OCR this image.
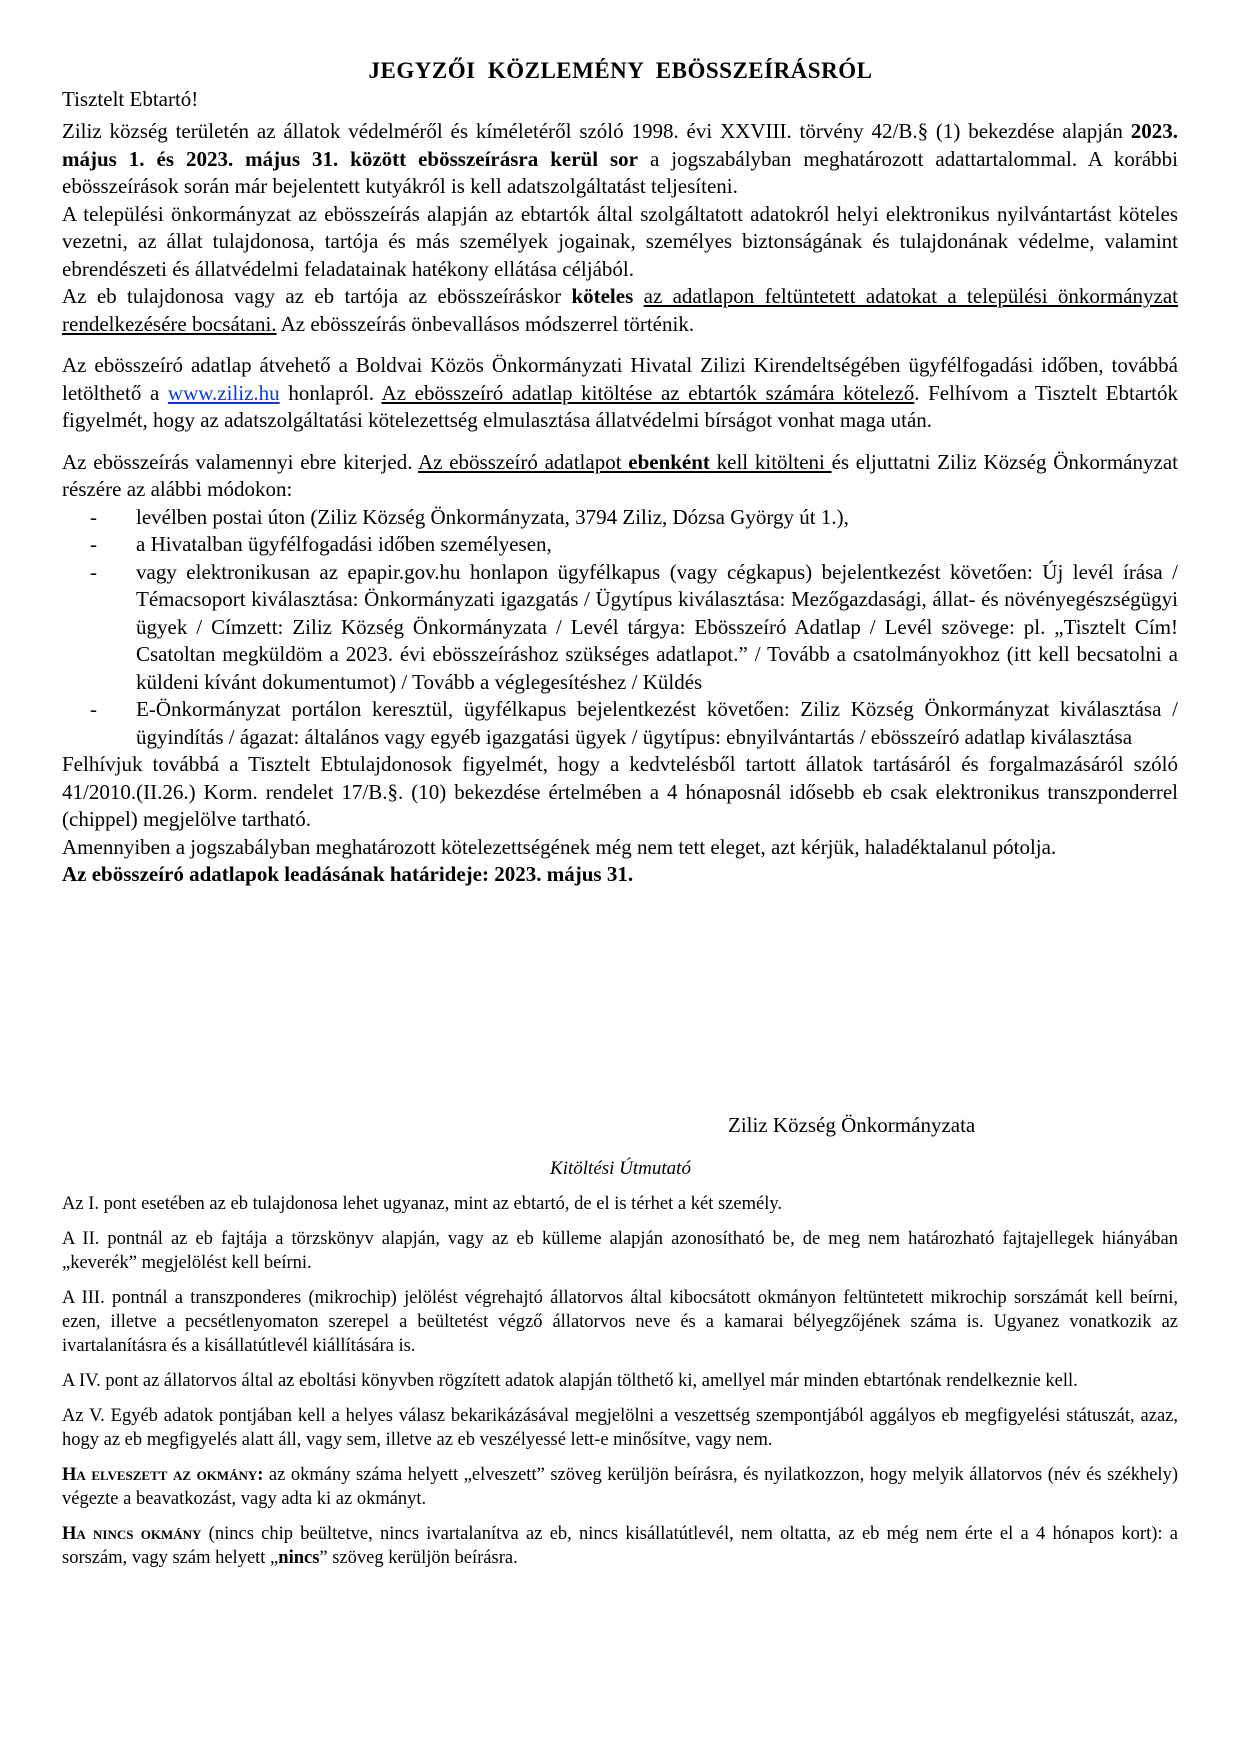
JEGYZŐI KÖZLEMÉNY EBÖSSZEÍRÁSRÓL
Tisztelt Ebtartó!

Ziliz község területén az állatok védelméről és kíméletéről szóló 1998. évi XXVIII. törvény 42/B.§ (1) bekezdése alapján 2023. május 1. és 2023. május 31. között ebösszeírásra kerül sor a jogszabályban meghatározott adattartalommal. A korábbi ebösszeírások során már bejelentett kutyákról is kell adatszolgáltatást teljesíteni.

A települési önkormányzat az ebösszeírás alapján az ebtartók által szolgáltatott adatokról helyi elektronikus nyilvántartást köteles vezetni, az állat tulajdonosa, tartója és más személyek jogainak, személyes biztonságának és tulajdonának védelme, valamint ebrendészeti és állatvédelmi feladatainak hatékony ellátása céljából.

Az eb tulajdonosa vagy az eb tartója az ebösszeíráskor köteles az adatlapon feltüntetett adatokat a települési önkormányzat rendelkezésére bocsátani. Az ebösszeírás önbevallásos módszerrel történik.

Az ebösszeíró adatlap átvehető a Boldvai Közös Önkormányzati Hivatal Zilizi Kirendeltségében ügyfélfogadási időben, továbbá letölthető a www.ziliz.hu honlapról. Az ebösszeíró adatlap kitöltése az ebtartók számára kötelező. Felhívom a Tisztelt Ebtartók figyelmét, hogy az adatszolgáltatási kötelezettség elmulasztása állatvédelmi bírságot vonhat maga után.

Az ebösszeírás valamennyi ebre kiterjed. Az ebösszeíró adatlapot ebenként kell kitölteni és eljuttatni Ziliz Község Önkormányzat részére az alábbi módokon:

- levélben postai úton (Ziliz Község Önkormányzata, 3794 Ziliz, Dózsa György út 1.),
- a Hivatalban ügyfélfogadási időben személyesen,
- vagy elektronikusan az epapir.gov.hu honlapon ügyfélkapus (vagy cégkapus) bejelentkezést követően: Új levél írása / Témacsoport kiválasztása: Önkormányzati igazgatás / Ügytípus kiválasztása: Mezőgazdasági, állat- és növényegészségügyi ügyek / Címzett: Ziliz Község Önkormányzata / Levél tárgya: Ebösszeíró Adatlap / Levél szövege: pl. „Tisztelt Cím! Csatoltan megküldöm a 2023. évi ebösszeíráshoz szükséges adatlapot.” / Tovább a csatolmányokhoz (itt kell becsatolni a küldeni kívánt dokumentumot) / Tovább a véglegesítéshez / Küldés
- E-Önkormányzat portálon keresztül, ügyfélkapus bejelentkezést követően: Ziliz Község Önkormányzat kiválasztása / ügyindítás / ágazat: általános vagy egyéb igazgatási ügyek / ügytípus: ebnyilvántartás / ebösszeíró adatlap kiválasztása

Felhívjuk továbbá a Tisztelt Ebtulajdonosok figyelmét, hogy a kedvtelésből tartott állatok tartásáról és forgalmazásáról szóló 41/2010.(II.26.) Korm. rendelet 17/B.§. (10) bekezdése értelmében a 4 hónaposnál idősebb eb csak elektronikus transzponderrel (chippel) megjelölve tartható.

Amennyiben a jogszabályban meghatározott kötelezettségének még nem tett eleget, azt kérjük, haladéktalanul pótolja.

Az ebösszeíró adatlapok leadásának határideje: 2023. május 31.

Ziliz Község Önkormányzata
Kitöltési Útmutató

Az I. pont esetében az eb tulajdonosa lehet ugyanaz, mint az ebtartó, de el is térhet a két személy.

A II. pontnál az eb fajtája a törzskönyv alapján, vagy az eb külleme alapján azonosítható be, de meg nem határozható fajtajellegek hiányában „keverék” megjelölést kell beírni.

A III. pontnál a transzponderes (mikrochip) jelölést végrehajtó állatorvos által kibocsátott okmányon feltüntetett mikrochip sorszámát kell beírni, ezen, illetve a pecsétlenyomaton szerepel a beültetést végző állatorvos neve és a kamarai bélyegzőjének száma is. Ugyanez vonatkozik az ivartalanításra és a kisállatútlevél kiállítására is.

A IV. pont az állatorvos által az eboltási könyvben rögzített adatok alapján tölthető ki, amellyel már minden ebtartónak rendelkeznie kell.

Az V. Egyéb adatok pontjában kell a helyes válasz bekarikázásával megjelölni a veszettség szempontjából aggályos eb megfigyelési státuszát, azaz, hogy az eb megfigyelés alatt áll, vagy sem, illetve az eb veszélyessé lett-e minősítve, vagy nem.

Ha elveszett az okmány: az okmány száma helyett „elveszett” szöveg kerüljön beírásra, és nyilatkozzon, hogy melyik állatorvos (név és székhely) végezte a beavatkozást, vagy adta ki az okmányt.

Ha nincs okmány (nincs chip beültetve, nincs ivartalanítva az eb, nincs kisállatútlevél, nem oltatta, az eb még nem érte el a 4 hónapos kort): a sorszám, vagy szám helyett „nincs” szöveg kerüljön beírásra.
